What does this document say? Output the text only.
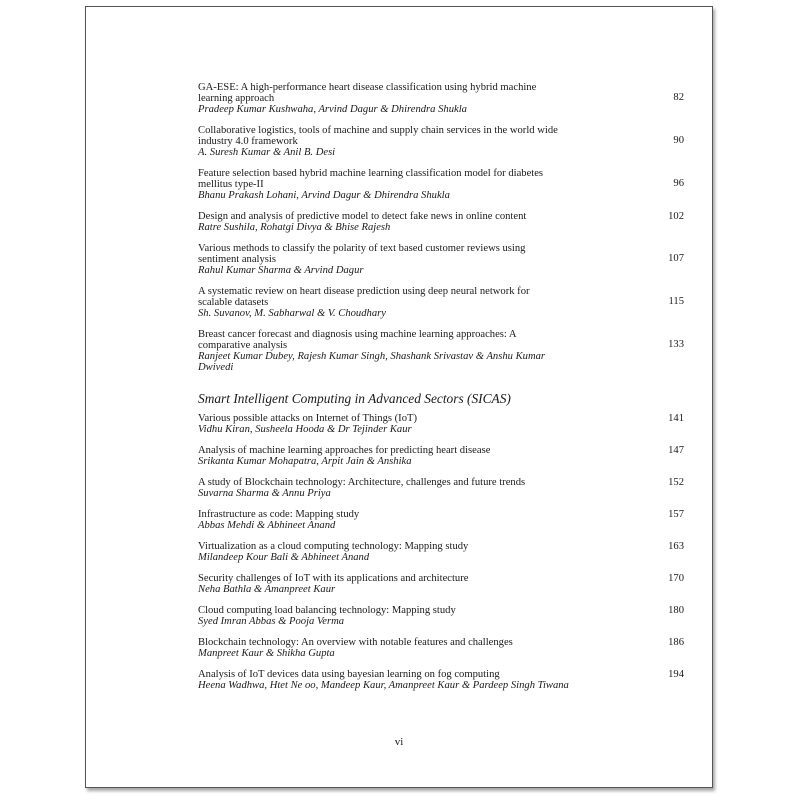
GA-ESE: A high-performance heart disease classification using hybrid machine learning approach
Pradeep Kumar Kushwaha, Arvind Dagur & Dhirendra Shukla
82
Collaborative logistics, tools of machine and supply chain services in the world wide industry 4.0 framework
A. Suresh Kumar & Anil B. Desi
90
Feature selection based hybrid machine learning classification model for diabetes mellitus type-II
Bhanu Prakash Lohani, Arvind Dagur & Dhirendra Shukla
96
Design and analysis of predictive model to detect fake news in online content
Ratre Sushila, Rohatgi Divya & Bhise Rajesh
102
Various methods to classify the polarity of text based customer reviews using sentiment analysis
Rahul Kumar Sharma & Arvind Dagur
107
A systematic review on heart disease prediction using deep neural network for scalable datasets
Sh. Suvanov, M. Sabharwal & V. Choudhary
115
Breast cancer forecast and diagnosis using machine learning approaches: A comparative analysis
Ranjeet Kumar Dubey, Rajesh Kumar Singh, Shashank Srivastav & Anshu Kumar Dwivedi
133
Smart Intelligent Computing in Advanced Sectors (SICAS)
Various possible attacks on Internet of Things (IoT)
Vidhu Kiran, Susheela Hooda & Dr Tejinder Kaur
141
Analysis of machine learning approaches for predicting heart disease
Srikanta Kumar Mohapatra, Arpit Jain & Anshika
147
A study of Blockchain technology: Architecture, challenges and future trends
Suvarna Sharma & Annu Priya
152
Infrastructure as code: Mapping study
Abbas Mehdi & Abhineet Anand
157
Virtualization as a cloud computing technology: Mapping study
Milandeep Kour Bali & Abhineet Anand
163
Security challenges of IoT with its applications and architecture
Neha Bathla & Amanpreet Kaur
170
Cloud computing load balancing technology: Mapping study
Syed Imran Abbas & Pooja Verma
180
Blockchain technology: An overview with notable features and challenges
Manpreet Kaur & Shikha Gupta
186
Analysis of IoT devices data using bayesian learning on fog computing
Heena Wadhwa, Htet Ne oo, Mandeep Kaur, Amanpreet Kaur & Pardeep Singh Tiwana
194
vi
